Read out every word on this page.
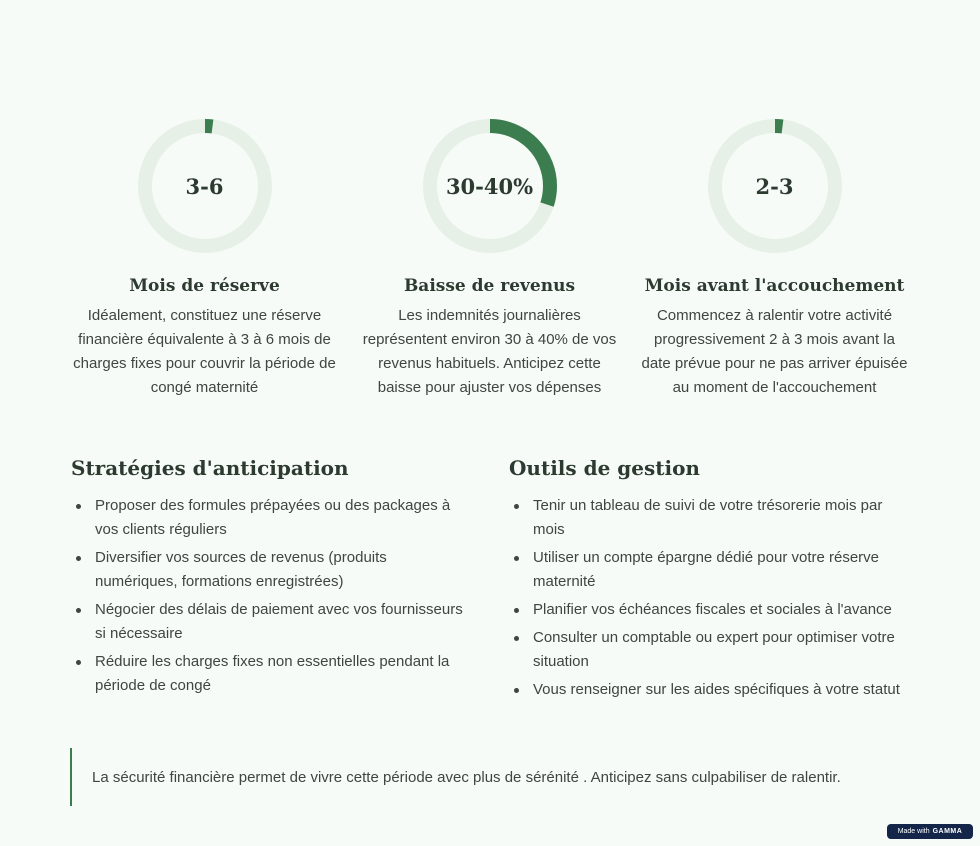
3-6
Mois de réserve
Idéalement, constituez une réserve financière équivalente à 3 à 6 mois de charges fixes pour couvrir la période de congé maternité
30-40%
Baisse de revenus
Les indemnités journalières représentent environ 30 à 40% de vos revenus habituels. Anticipez cette baisse pour ajuster vos dépenses
2-3
Mois avant l'accouchement
Commencez à ralentir votre activité progressivement 2 à 3 mois avant la date prévue pour ne pas arriver épuisée au moment de l'accouchement
Stratégies d'anticipation
Proposer des formules prépayées ou des packages à vos clients réguliers
Diversifier vos sources de revenus (produits numériques, formations enregistrées)
Négocier des délais de paiement avec vos fournisseurs si nécessaire
Réduire les charges fixes non essentielles pendant la période de congé
Outils de gestion
Tenir un tableau de suivi de votre trésorerie mois par mois
Utiliser un compte épargne dédié pour votre réserve maternité
Planifier vos échéances fiscales et sociales à l'avance
Consulter un comptable ou expert pour optimiser votre situation
Vous renseigner sur les aides spécifiques à votre statut
La sécurité financière permet de vivre cette période avec plus de sérénité . Anticipez sans culpabiliser de ralentir.
Made with GAMMA
